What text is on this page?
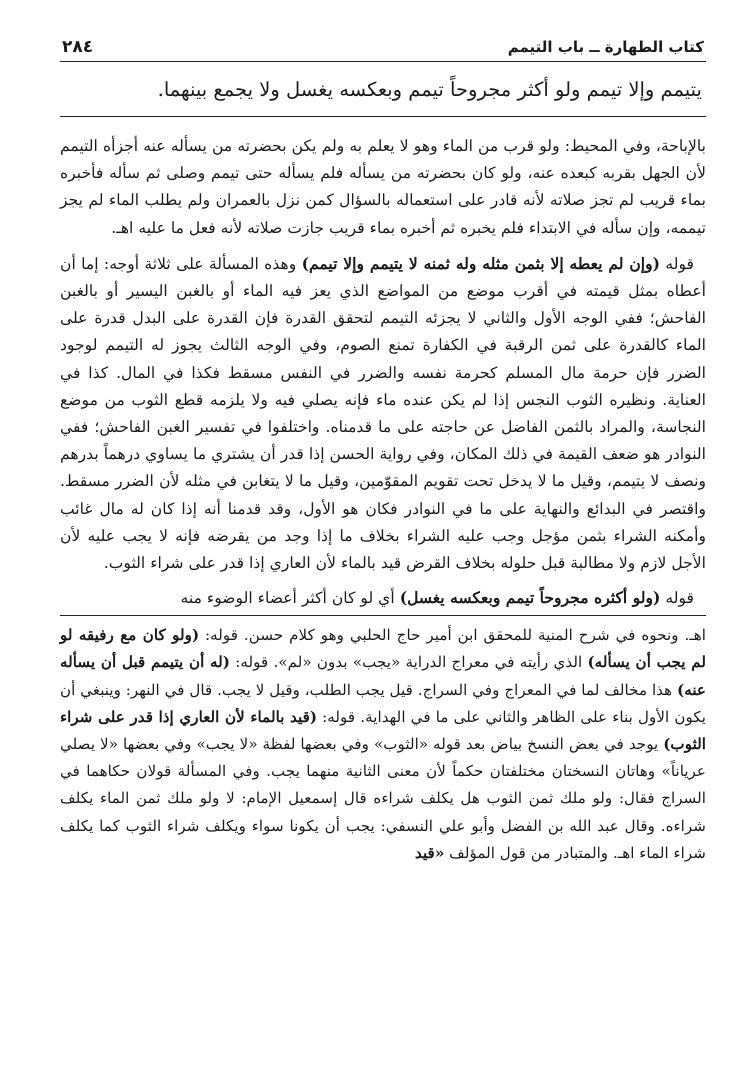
كتاب الطهارة ــ باب التيمم
٢٨٤

يتيمم وإلا تيمم ولو أكثر مجروحاً تيمم وبعكسه يغسل ولا يجمع بينهما.

بالإباحة، وفي المحيط: ولو قرب من الماء وهو لا يعلم به ولم يكن بحضرته من يسأله عنه أجزأه التيمم لأن الجهل بقربه كبعده عنه، ولو كان بحضرته من يسأله فلم يسأله حتى تيمم وصلى ثم سأله فأخبره بماء قريب لم تجز صلاته لأنه قادر على استعماله بالسؤال كمن نزل بالعمران ولم يطلب الماء لم يجز تيممه، وإن سأله في الابتداء فلم يخبره ثم أخبره بماء قريب جازت صلاته لأنه فعل ما عليه اهـ.

قوله (وإن لم يعطه إلا بثمن مثله وله ثمنه لا يتيمم وإلا تيمم) وهذه المسألة على ثلاثة أوجه: إما أن أعطاه بمثل قيمته في أقرب موضع من المواضع الذي يعز فيه الماء أو بالغبن اليسير أو بالغبن الفاحش؛ ففي الوجه الأول والثاني لا يجزئه التيمم لتحقق القدرة فإن القدرة على البدل قدرة على الماء كالقدرة على ثمن الرقبة في الكفارة تمنع الصوم، وفي الوجه الثالث يجوز له التيمم لوجود الضرر فإن حرمة مال المسلم كحرمة نفسه والضرر في النفس مسقط فكذا في المال. كذا في العناية. ونظيره الثوب النجس إذا لم يكن عنده ماء فإنه يصلي فيه ولا يلزمه قطع الثوب من موضع النجاسة، والمراد بالثمن الفاضل عن حاجته على ما قدمناه. واختلفوا في تفسير الغبن الفاحش؛ ففي النوادر هو ضعف القيمة في ذلك المكان، وفي رواية الحسن إذا قدر أن يشتري ما يساوي درهماً بدرهم ونصف لا يتيمم، وقيل ما لا يدخل تحت تقويم المقوّمين، وقيل ما لا يتغابن في مثله لأن الضرر مسقط. واقتصر في البدائع والنهاية على ما في النوادر فكان هو الأول، وقد قدمنا أنه إذا كان له مال غائب وأمكنه الشراء بثمن مؤجل وجب عليه الشراء بخلاف ما إذا وجد من يقرضه فإنه لا يجب عليه لأن الأجل لازم ولا مطالبة قبل حلوله بخلاف القرض قيد بالماء لأن العاري إذا قدر على شراء الثوب.

قوله (ولو أكثره مجروحاً تيمم وبعكسه يغسل) أي لو كان أكثر أعضاء الوضوء منه

اهـ. ونحوه في شرح المنية للمحقق ابن أمير حاج الحلبي وهو كلام حسن. قوله: (ولو كان مع رفيقه لو لم يجب أن يسأله) الذي رأيته في معراج الدراية «يجب» بدون «لم». قوله: (له أن يتيمم قبل أن يسأله عنه) هذا مخالف لما في المعراج وفي السراج. قيل يجب الطلب، وقيل لا يجب. قال في النهر: وينبغي أن يكون الأول بناء على الظاهر والثاني على ما في الهداية. قوله: (قيد بالماء لأن العاري إذا قدر على شراء الثوب) يوجد في بعض النسخ بياض بعد قوله «الثوب» وفي بعضها لفظة «لا يجب» وفي بعضها «لا يصلي عرياناً» وهاتان النسختان مختلفتان حكماً لأن معنى الثانية منهما يجب. وفي المسألة قولان حكاهما في السراج فقال: ولو ملك ثمن الثوب هل يكلف شراءه قال إسمعيل الإمام: لا ولو ملك ثمن الماء يكلف شراءه. وقال عبد الله بن الفضل وأبو علي النسفي: يجب أن يكونا سواء ويكلف شراء الثوب كما يكلف شراء الماء اهـ. والمتبادر من قول المؤلف «قيد
